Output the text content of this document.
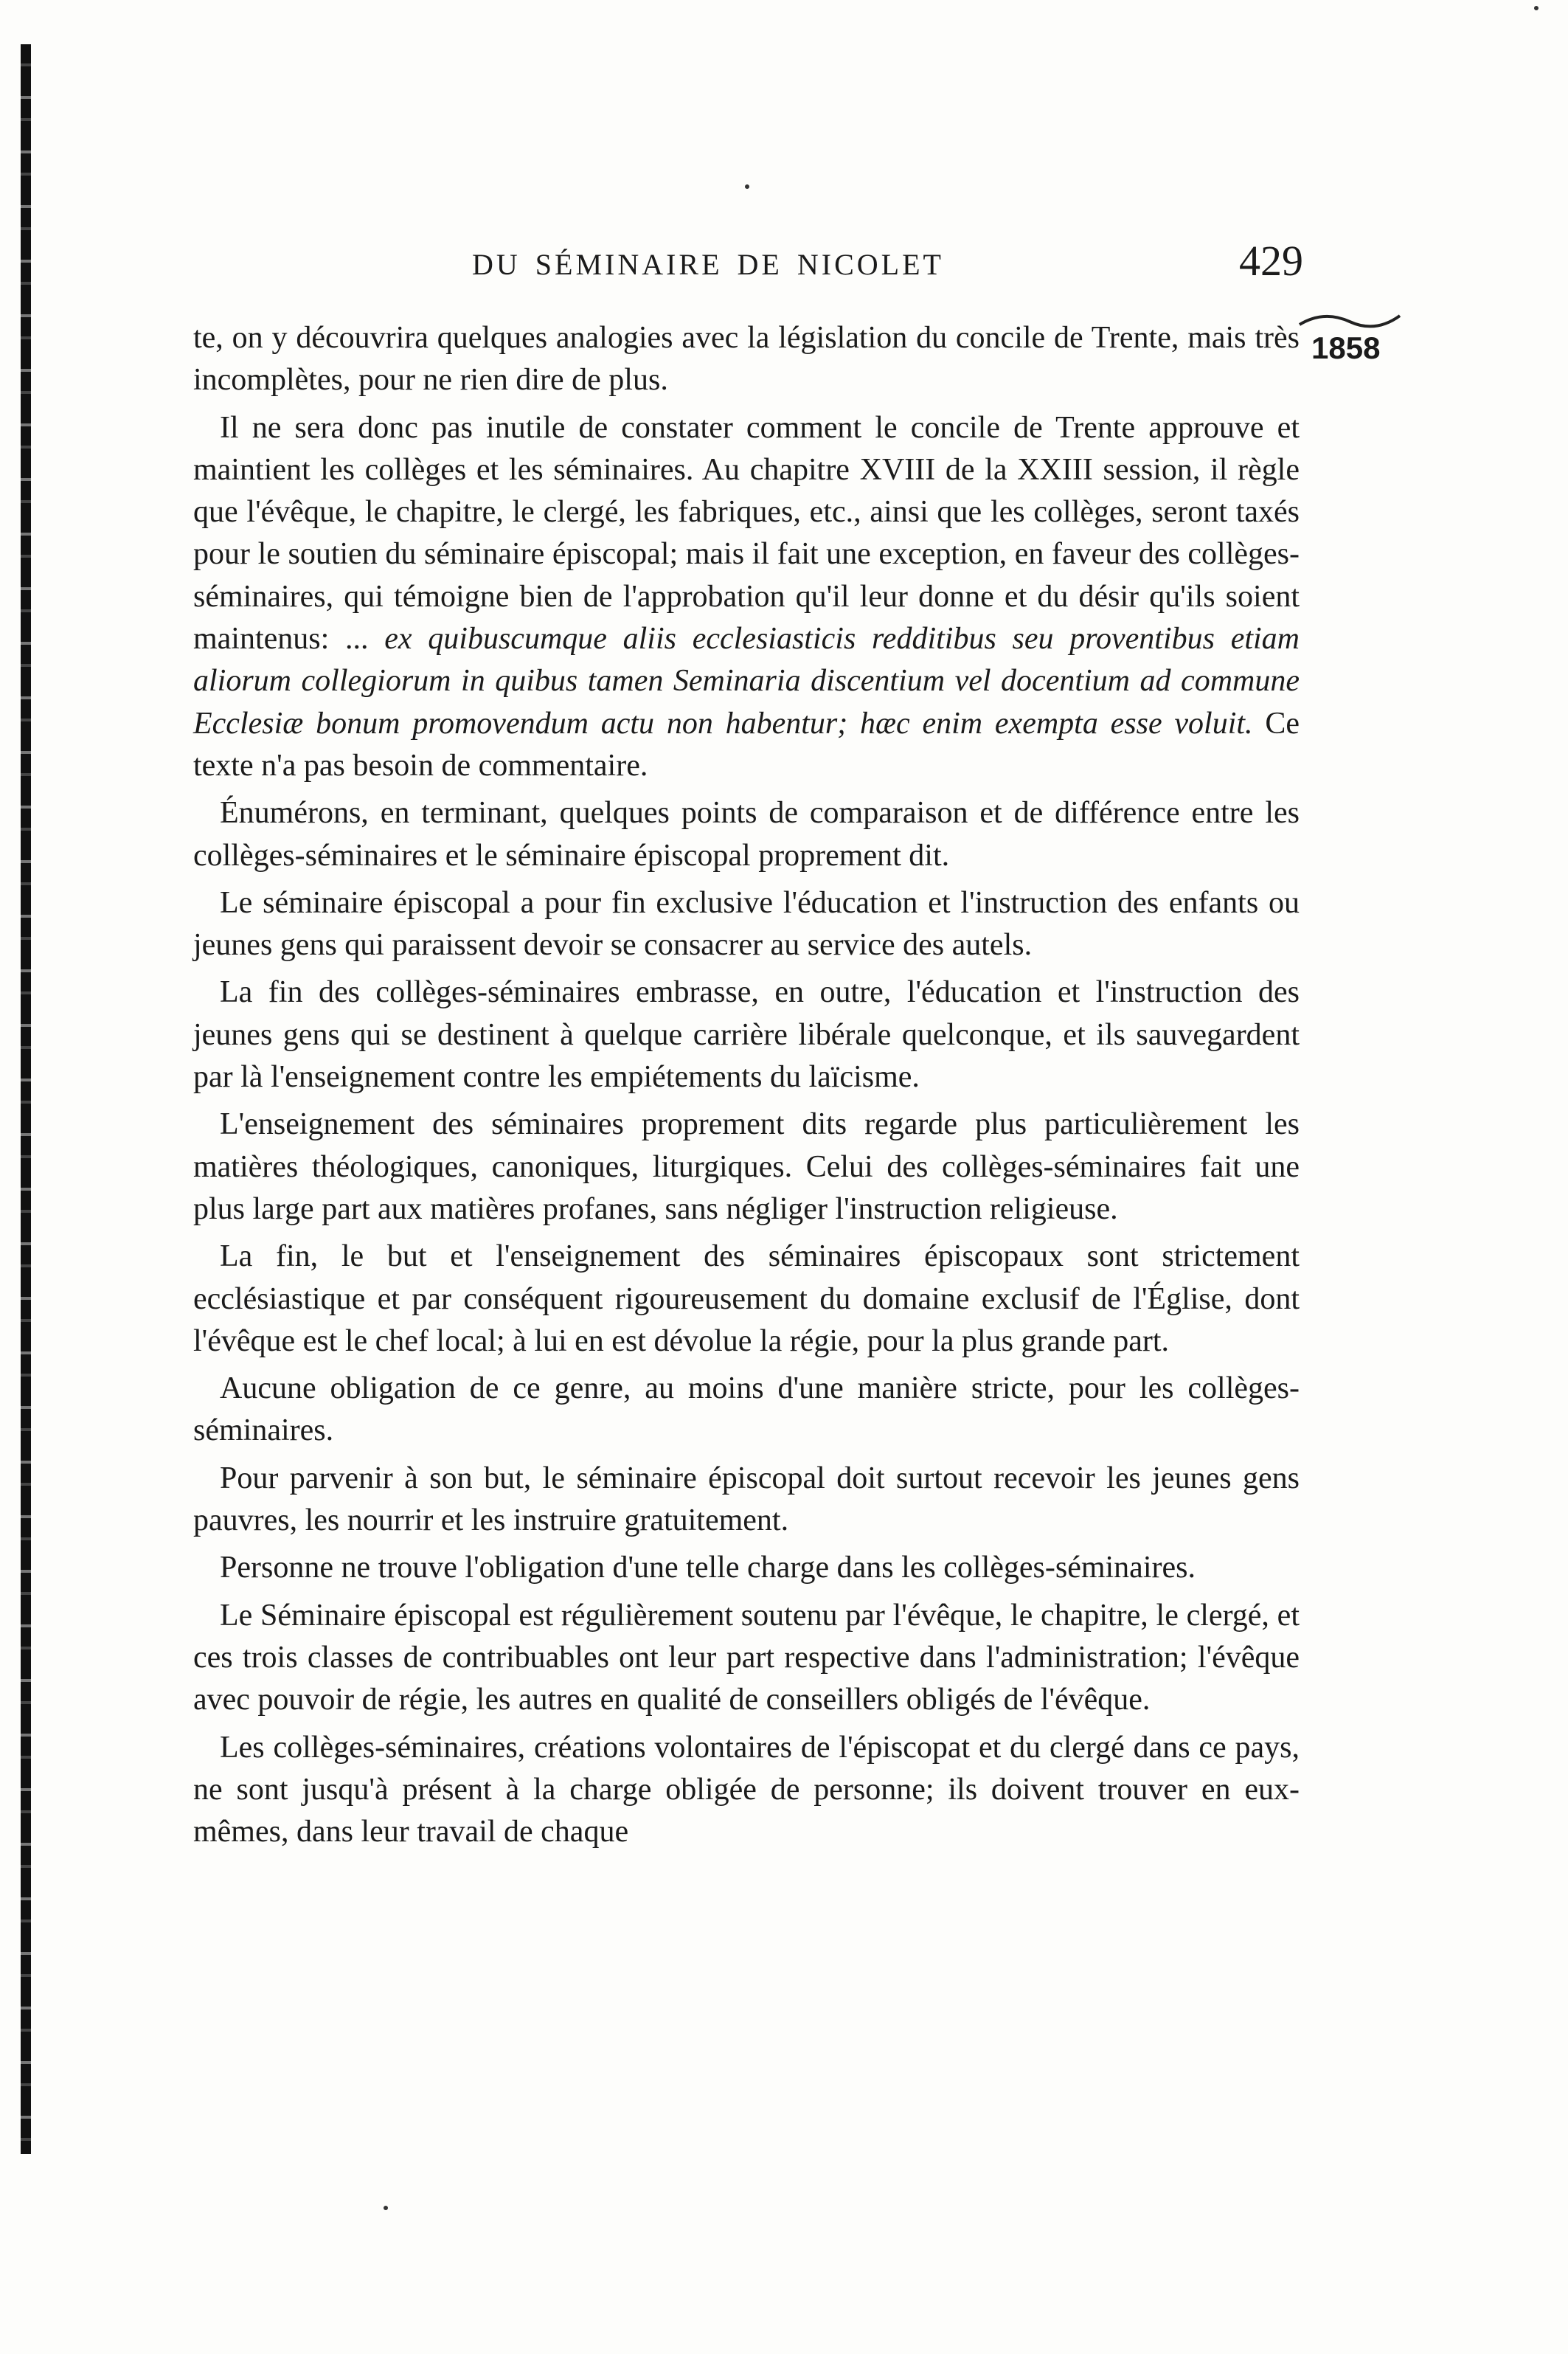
DU SÉMINAIRE DE NICOLET	429
1858

te, on y découvrira quelques analogies avec la législation du concile de Trente, mais très incomplètes, pour ne rien dire de plus.

Il ne sera donc pas inutile de constater comment le concile de Trente approuve et maintient les collèges et les séminaires. Au chapitre XVIII de la XXIII session, il règle que l'évêque, le chapitre, le clergé, les fabriques, etc., ainsi que les collèges, seront taxés pour le soutien du séminaire épiscopal; mais il fait une exception, en faveur des collèges-séminaires, qui témoigne bien de l'approbation qu'il leur donne et du désir qu'ils soient maintenus: ... ex quibuscumque aliis ecclesiasticis redditibus seu proventibus etiam aliorum collegiorum in quibus tamen Seminaria discentium vel docentium ad commune Ecclesiæ bonum promovendum actu non habentur; hæc enim exempta esse voluit. Ce texte n'a pas besoin de commentaire.

Énumérons, en terminant, quelques points de comparaison et de différence entre les collèges-séminaires et le séminaire épiscopal proprement dit.

Le séminaire épiscopal a pour fin exclusive l'éducation et l'instruction des enfants ou jeunes gens qui paraissent devoir se consacrer au service des autels.

La fin des collèges-séminaires embrasse, en outre, l'éducation et l'instruction des jeunes gens qui se destinent à quelque carrière libérale quelconque, et ils sauvegardent par là l'enseignement contre les empiétements du laïcisme.

L'enseignement des séminaires proprement dits regarde plus particulièrement les matières théologiques, canoniques, liturgiques. Celui des collèges-séminaires fait une plus large part aux matières profanes, sans négliger l'instruction religieuse.

La fin, le but et l'enseignement des séminaires épiscopaux sont strictement ecclésiastique et par conséquent rigoureusement du domaine exclusif de l'Église, dont l'évêque est le chef local; à lui en est dévolue la régie, pour la plus grande part.

Aucune obligation de ce genre, au moins d'une manière stricte, pour les collèges-séminaires.

Pour parvenir à son but, le séminaire épiscopal doit surtout recevoir les jeunes gens pauvres, les nourrir et les instruire gratuitement.

Personne ne trouve l'obligation d'une telle charge dans les collèges-séminaires.

Le Séminaire épiscopal est régulièrement soutenu par l'évêque, le chapitre, le clergé, et ces trois classes de contribuables ont leur part respective dans l'administration; l'évêque avec pouvoir de régie, les autres en qualité de conseillers obligés de l'évêque.

Les collèges-séminaires, créations volontaires de l'épiscopat et du clergé dans ce pays, ne sont jusqu'à présent à la charge obligée de personne; ils doivent trouver en eux-mêmes, dans leur travail de chaque
